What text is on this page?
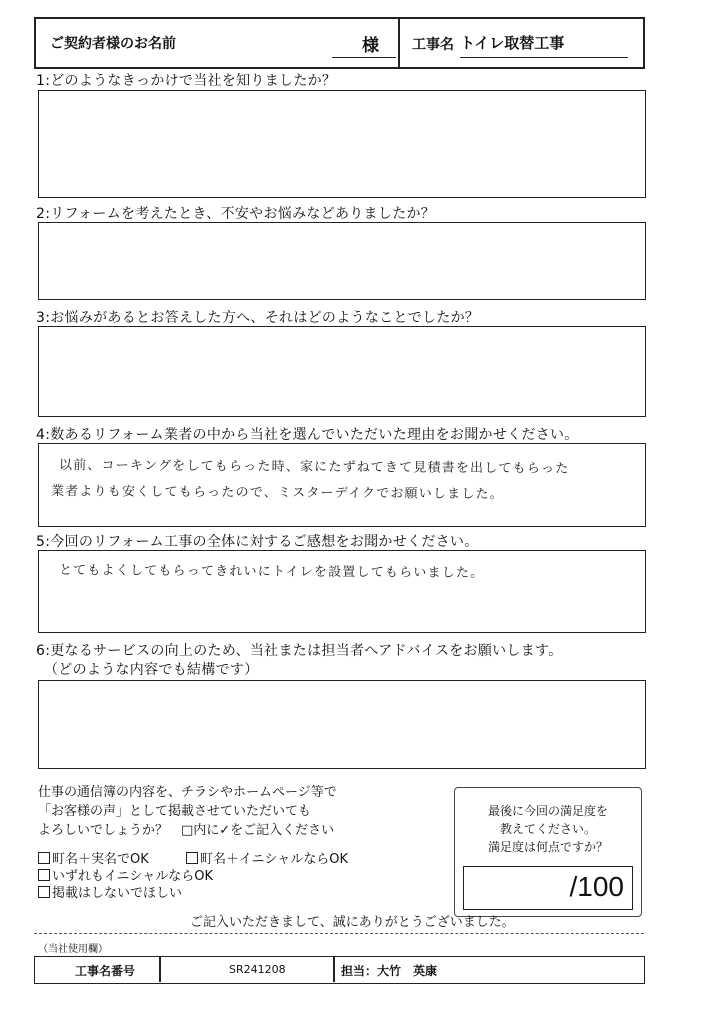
ご契約者様のお名前	様 工事名 トイレ取替工事
1:どのようなきっかけで当社を知りましたか？
2:リフォームを考えたとき、不安やお悩みなどありましたか？
3:お悩みがあるとお答えした方へ、それはどのようなことでしたか？
4:数あるリフォーム業者の中から当社を選んでいただいた理由をお聞かせください。
以前、コーキングをしてもらった時、家にたずねてきて見積書を出してもらった
業者よりも安くしてもらったので、ミスターデイクでお願いしました。
5:今回のリフォーム工事の全体に対するご感想をお聞かせください。
とてもよくしてもらってきれいにトイレを設置してもらいました。
6:更なるサービスの向上のため、当社または担当者へアドバイスをお願いします。
（どのような内容でも結構です）
仕事の通信簿の内容を、チラシやホームページ等で
「お客様の声」として掲載させていただいても
よろしいでしょうか？　□内に✓をご記入ください
町名＋実名でOK	町名＋イニシャルならOK
いずれもイニシャルならOK
掲載はしないでほしい
最後に今回の満足度を
教えてください。
満足度は何点ですか？
/100
ご記入いただきまして、誠にありがとうございました。
（当社使用欄）
工事名番号	SR241208	担当：大竹　英康
